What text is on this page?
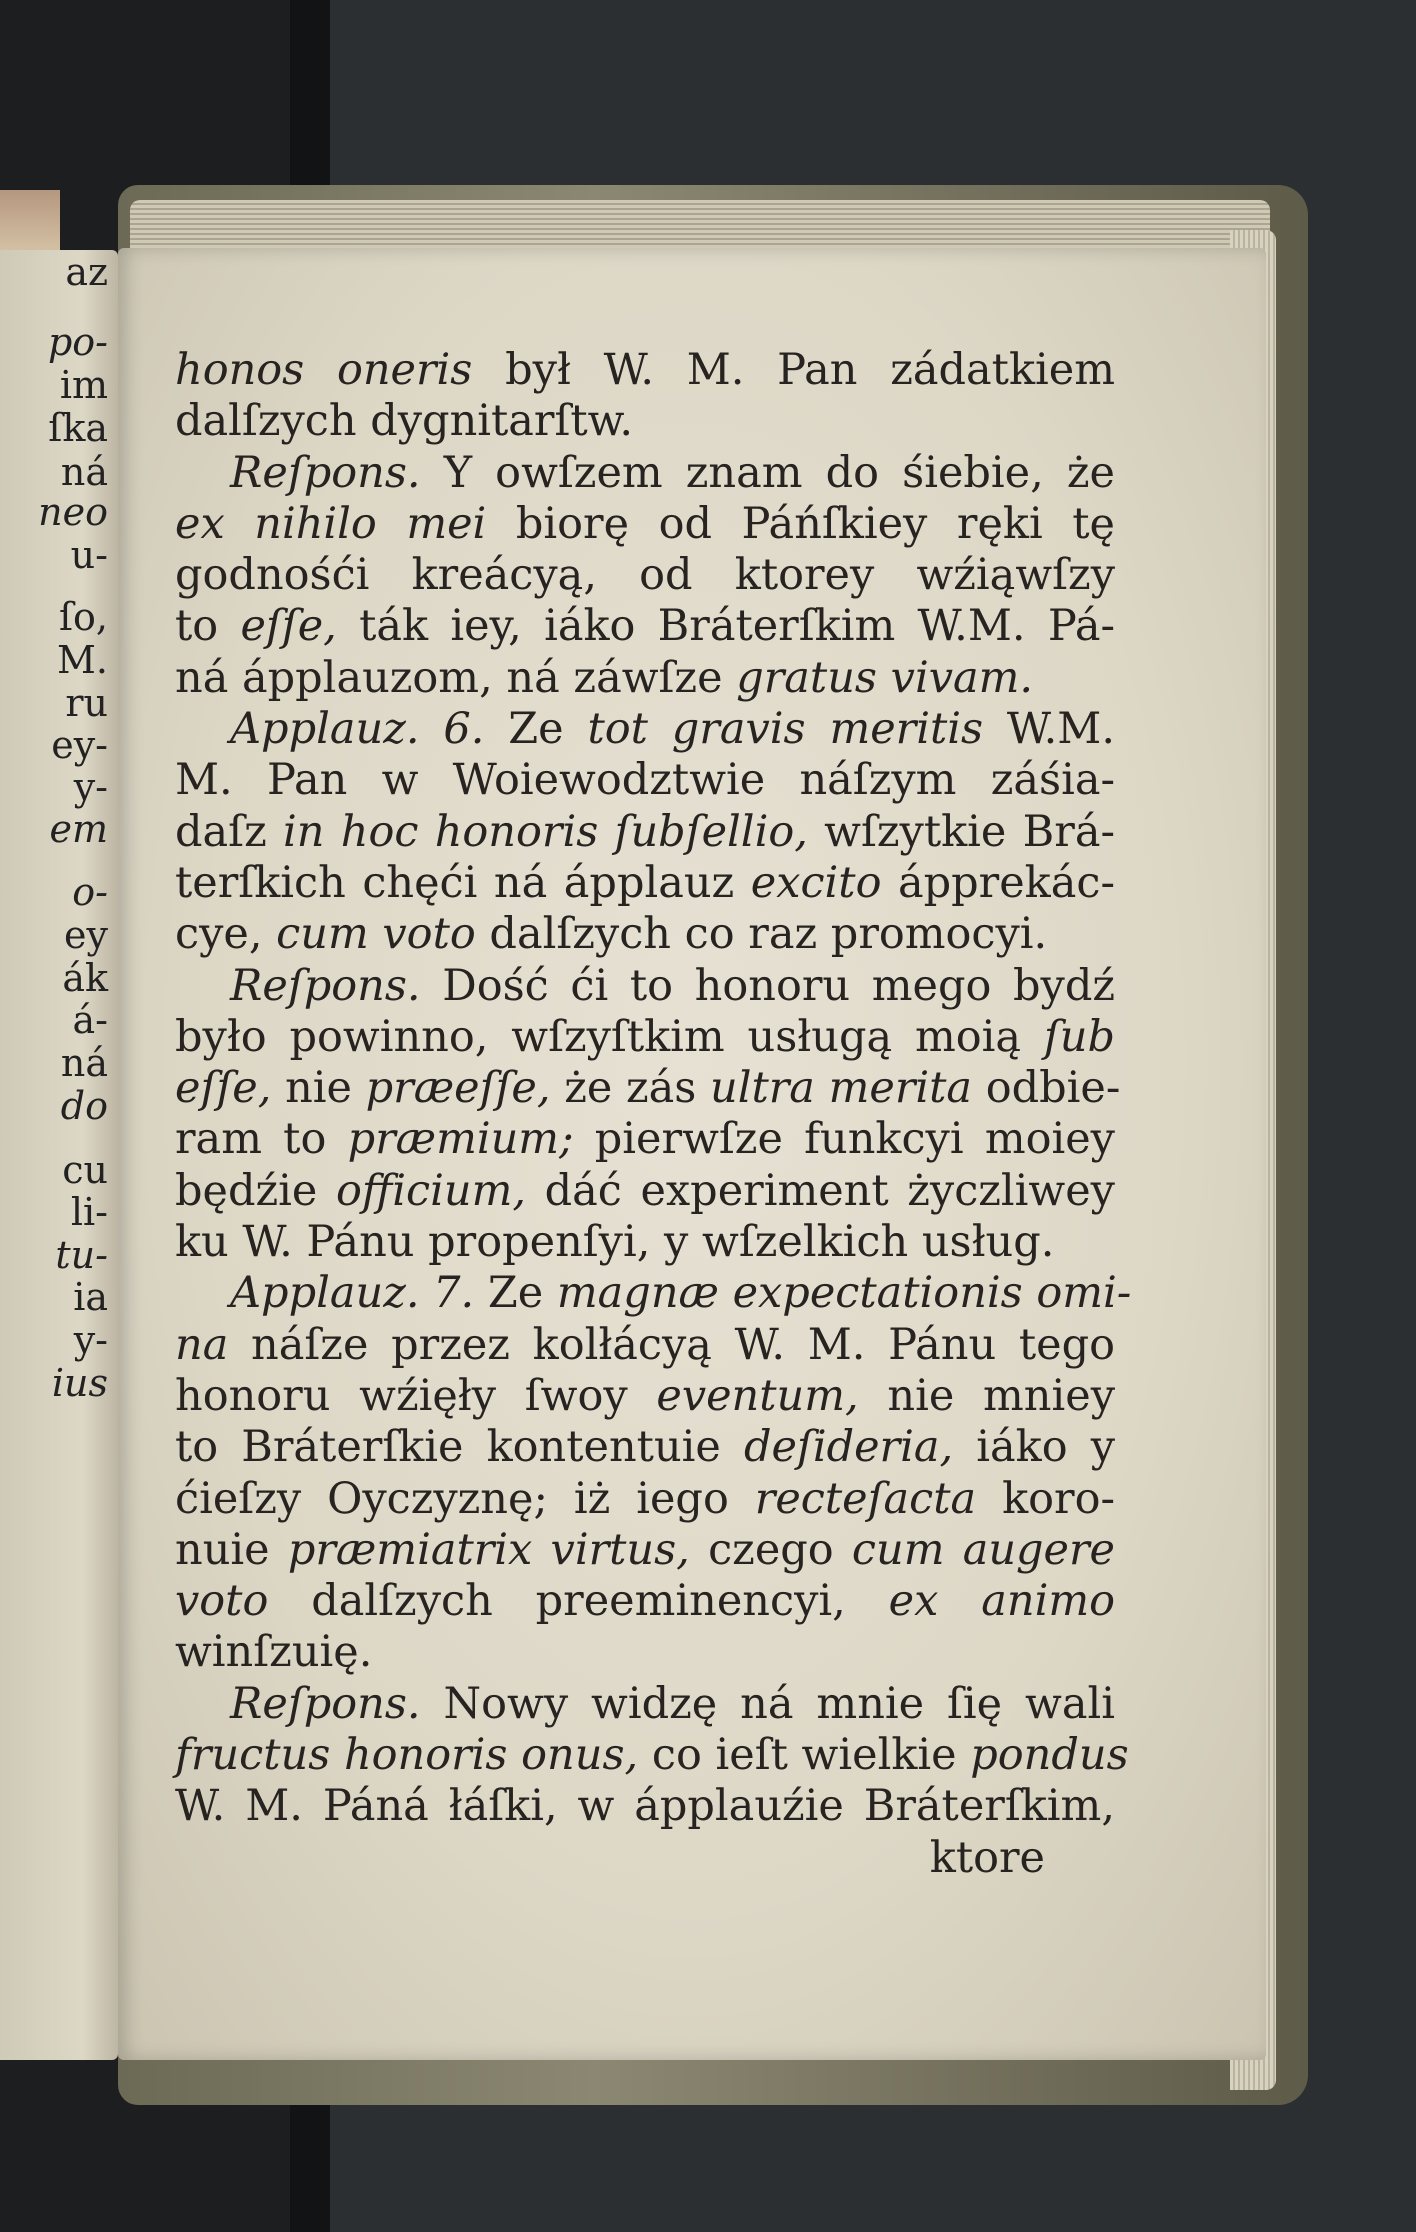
az
po-
im
ſka
ná
neo
u-
ſo,
M.
ru
ey-
y-
em
o-
ey
ák
á-
ná
do
cu
li-
tu-
ia
y-
ius
honos oneris był W. M. Pan zádatkiem
dalſzych dygnitarſtw.
Reſpons. Y owſzem znam do śiebie, że
ex nihilo mei biorę od Páńſkiey ręki tę
godnośći kreácyą, od ktorey wźiąwſzy
to eſſe, ták iey, iáko Bráterſkim W.M. Pá-
ná ápplauzom, ná záwſze gratus vivam.
Applauz. 6. Ze tot gravis meritis W.M.
M. Pan w Woiewodztwie náſzym záśia-
daſz in hoc honoris ſubſellio, wſzytkie Brá-
terſkich chęći ná ápplauz excito ápprekác-
cye, cum voto dalſzych co raz promocyi.
Reſpons. Dość ći to honoru mego bydź
było powinno, wſzyſtkim usługą moią ſub
eſſe, nie præeſſe, że zás ultra merita odbie-
ram to præmium; pierwſze funkcyi moiey
będźie officium, dáć experiment życzliwey
ku W. Pánu propenſyi, y wſzelkich usług.
Applauz. 7. Ze magnæ expectationis omi-
na náſze przez kolłácyą W. M. Pánu tego
honoru wźięły ſwoy eventum, nie mniey
to Bráterſkie kontentuie deſideria, iáko y
ćieſzy Oyczyznę; iż iego recteſacta koro-
nuie præmiatrix virtus, czego cum augere
voto dalſzych preeminencyi, ex animo
winſzuię.
Reſpons. Nowy widzę ná mnie ſię wali
fructus honoris onus, co ieſt wielkie pondus
W. M. Páná łáſki, w ápplauźie Bráterſkim,
ktore
